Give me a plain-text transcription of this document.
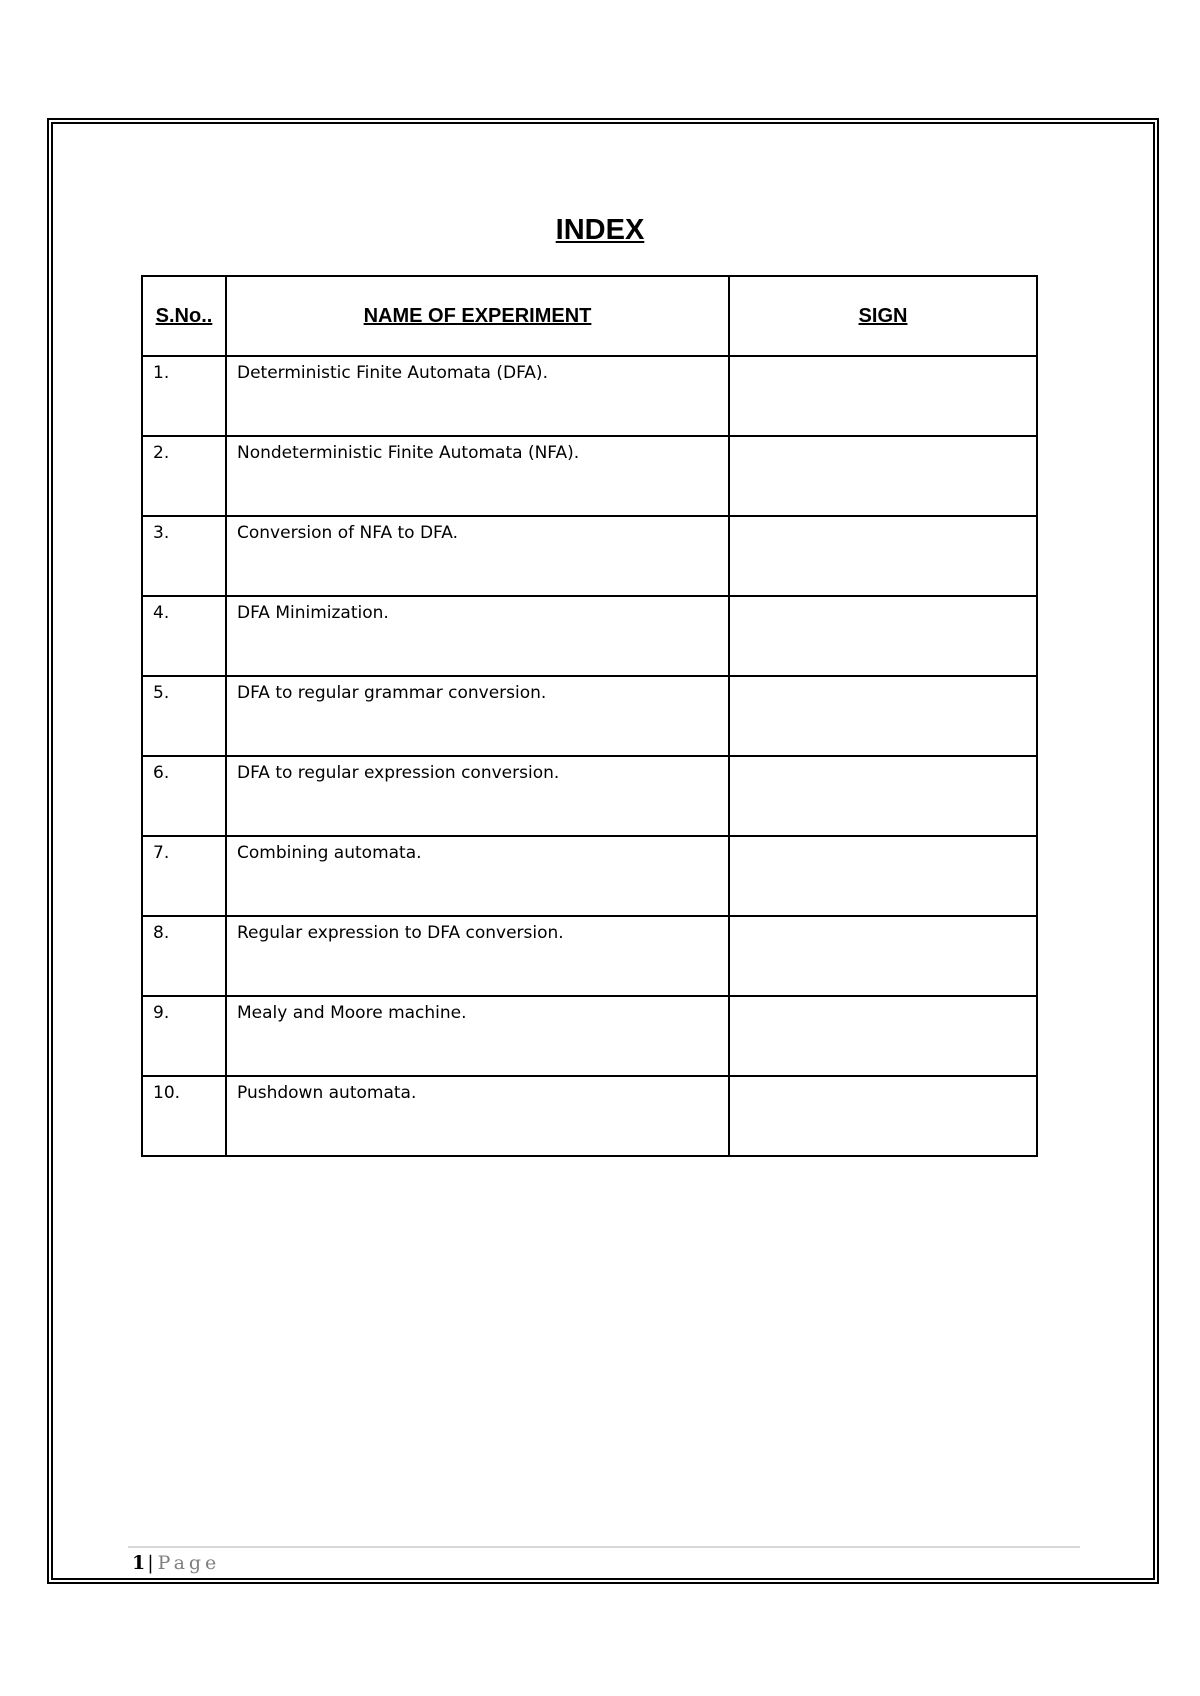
INDEX
S.No..	NAME OF EXPERIMENT	SIGN
1.	Deterministic Finite Automata (DFA).	
2.	Nondeterministic Finite Automata (NFA).	
3.	Conversion of NFA to DFA.	
4.	DFA Minimization.	
5.	DFA to regular grammar conversion.	
6.	DFA to regular expression conversion.	
7.	Combining automata.	
8.	Regular expression to DFA conversion.	
9.	Mealy and Moore machine.	
10.	Pushdown automata.	
1 | Page
